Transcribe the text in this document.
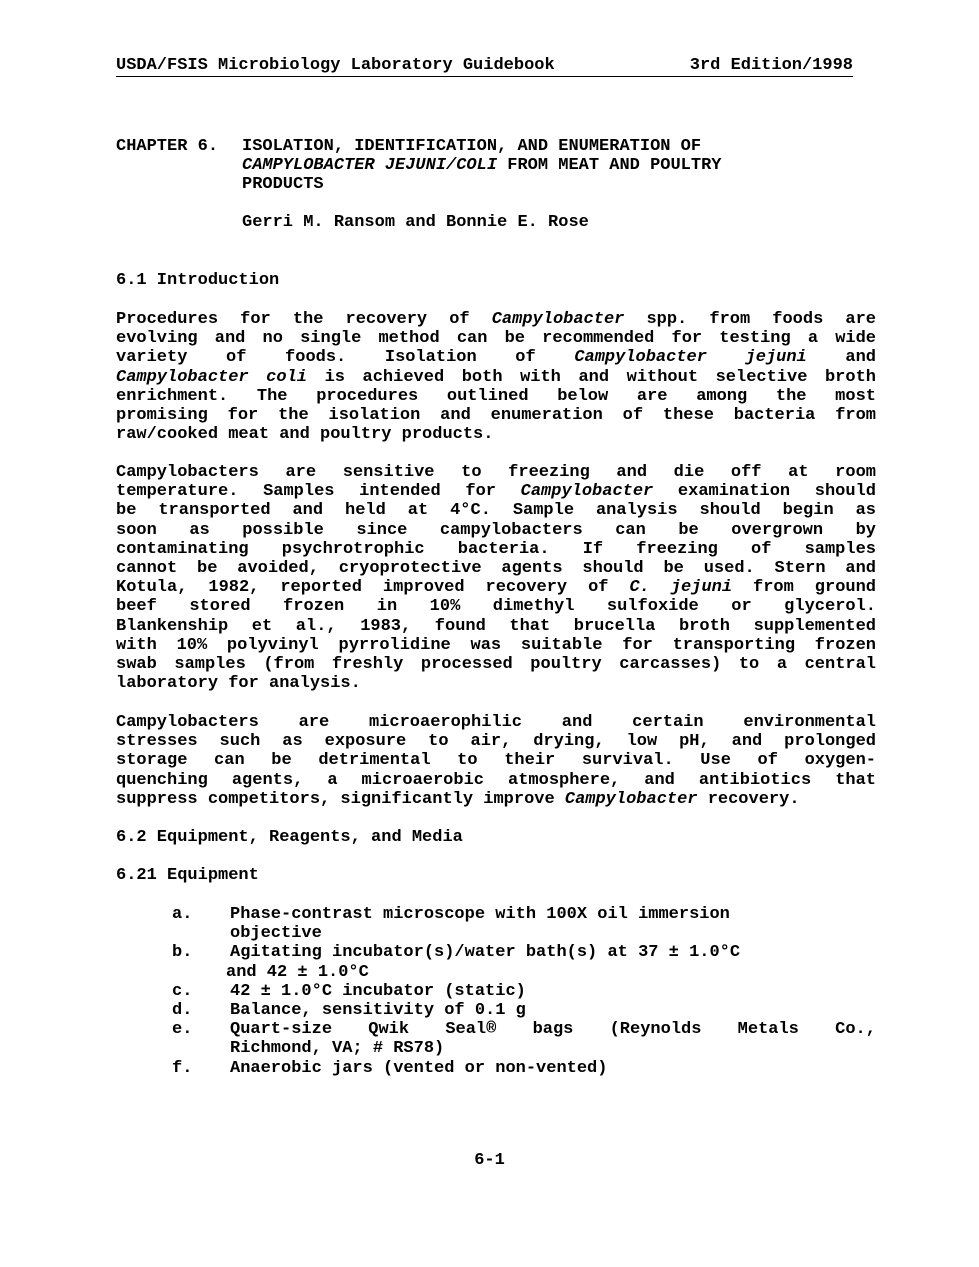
USDA/FSIS Microbiology Laboratory Guidebook	3rd Edition/1998
CHAPTER 6. ISOLATION, IDENTIFICATION, AND ENUMERATION OF
CAMPYLOBACTER JEJUNI/COLI FROM MEAT AND POULTRY
PRODUCTS
Gerri M. Ransom and Bonnie E. Rose
6.1 Introduction
Procedures for the recovery of Campylobacter spp. from foods are
evolving and no single method can be recommended for testing a wide
variety of foods. Isolation of Campylobacter jejuni and
Campylobacter coli is achieved both with and without selective broth
enrichment. The procedures outlined below are among the most
promising for the isolation and enumeration of these bacteria from
raw/cooked meat and poultry products.
Campylobacters are sensitive to freezing and die off at room
temperature. Samples intended for Campylobacter examination should
be transported and held at 4°C. Sample analysis should begin as
soon as possible since campylobacters can be overgrown by
contaminating psychrotrophic bacteria. If freezing of samples
cannot be avoided, cryoprotective agents should be used. Stern and
Kotula, 1982, reported improved recovery of C. jejuni from ground
beef stored frozen in 10% dimethyl sulfoxide or glycerol.
Blankenship et al., 1983, found that brucella broth supplemented
with 10% polyvinyl pyrrolidine was suitable for transporting frozen
swab samples (from freshly processed poultry carcasses) to a central
laboratory for analysis.
Campylobacters are microaerophilic and certain environmental
stresses such as exposure to air, drying, low pH, and prolonged
storage can be detrimental to their survival. Use of oxygen-
quenching agents, a microaerobic atmosphere, and antibiotics that
suppress competitors, significantly improve Campylobacter recovery.
6.2 Equipment, Reagents, and Media
6.21 Equipment
a. Phase-contrast microscope with 100X oil immersion
objective
b. Agitating incubator(s)/water bath(s) at 37 ± 1.0°C
and 42 ± 1.0°C
c. 42 ± 1.0°C incubator (static)
d. Balance, sensitivity of 0.1 g
e. Quart-size Qwik Seal® bags (Reynolds Metals Co.,
Richmond, VA; # RS78)
f. Anaerobic jars (vented or non-vented)
6-1
